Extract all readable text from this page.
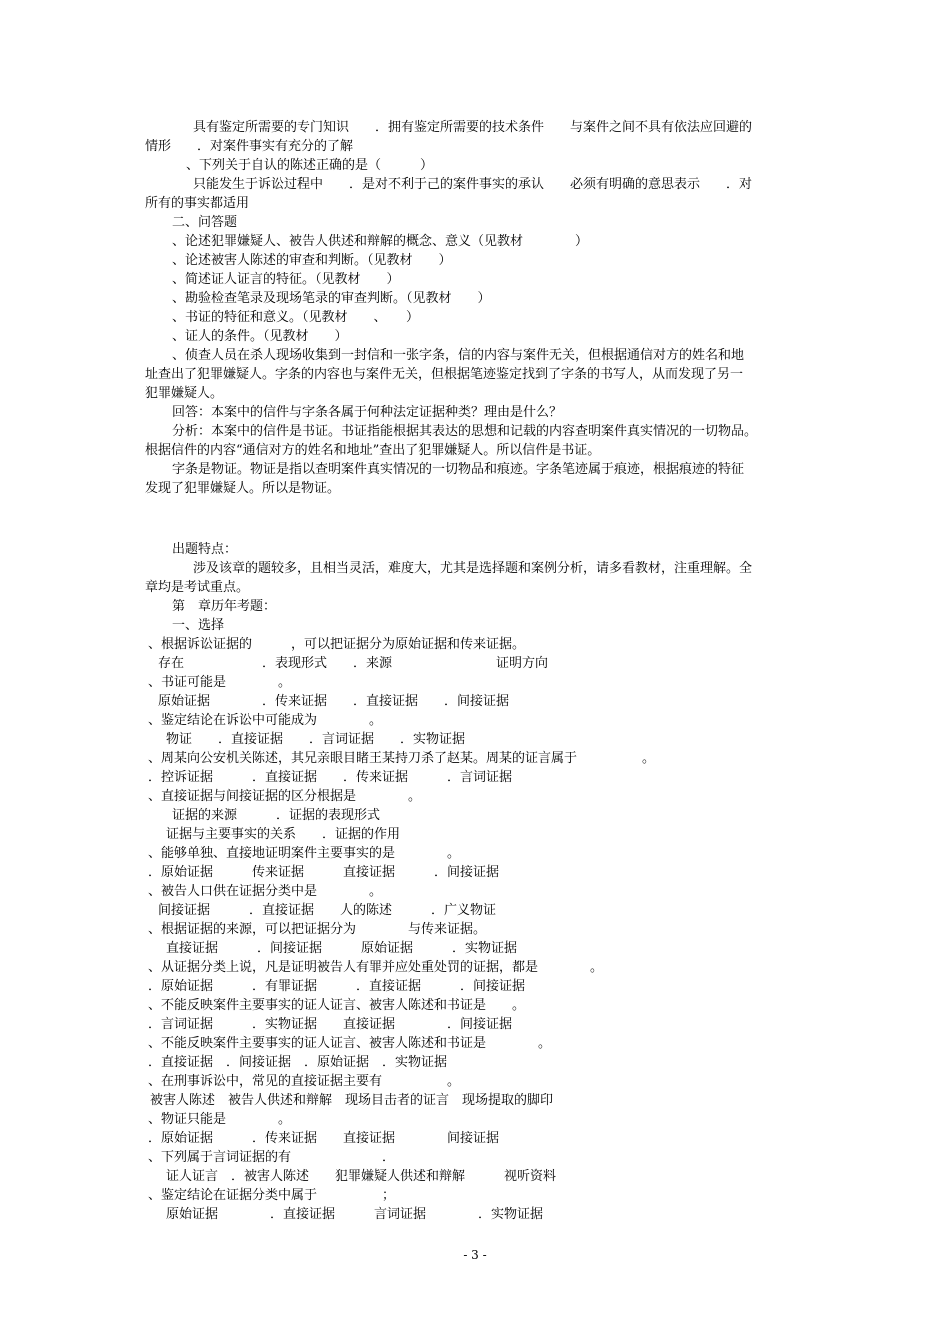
具有鉴定所需要的专门知识　　．拥有鉴定所需要的技术条件　　与案件之间不具有依法应回避的
情形　　．对案件事实有充分的了解
、下列关于自认的陈述正确的是（　　　）
只能发生于诉讼过程中　　．是对不利于己的案件事实的承认　　必须有明确的意思表示　　．对
所有的事实都适用
二、问答题
、论述犯罪嫌疑人、被告人供述和辩解的概念、意义（见教材　　　　）
、论述被害人陈述的审查和判断。（见教材　　）
、简述证人证言的特征。（见教材　　）
、勘验检查笔录及现场笔录的审查判断。（见教材　　）
、书证的特征和意义。（见教材　　、　　）
、证人的条件。（见教材　　）
、侦查人员在杀人现场收集到一封信和一张字条，信的内容与案件无关，但根据通信对方的姓名和地
址查出了犯罪嫌疑人。字条的内容也与案件无关，但根据笔迹鉴定找到了字条的书写人，从而发现了另一
犯罪嫌疑人。
回答：本案中的信件与字条各属于何种法定证据种类？理由是什么？
分析：本案中的信件是书证。书证指能根据其表达的思想和记载的内容查明案件真实情况的一切物品。
根据信件的内容“通信对方的姓名和地址”查出了犯罪嫌疑人。所以信件是书证。
字条是物证。物证是指以查明案件真实情况的一切物品和痕迹。字条笔迹属于痕迹，根据痕迹的特征
发现了犯罪嫌疑人。所以是物证。
出题特点：
涉及该章的题较多，且相当灵活，难度大，尤其是选择题和案例分析，请多看教材，注重理解。全
章均是考试重点。
第　章历年考题：
一、选择
、根据诉讼证据的　　　，可以把证据分为原始证据和传来证据。
存在　　　　　　．表现形式　　．来源　　　　　　　　证明方向
、书证可能是　　　　。
原始证据　　　　．传来证据　　．直接证据　　．间接证据
、鉴定结论在诉讼中可能成为　　　　。
物证　　．直接证据　　．言词证据　　．实物证据
、周某向公安机关陈述，其兄亲眼目睹王某持刀杀了赵某。周某的证言属于　　　　　。
．控诉证据　　　．直接证据　　．传来证据　　　．言词证据
、直接证据与间接证据的区分根据是　　　　。
证据的来源　　　．证据的表现形式
证据与主要事实的关系　　．证据的作用
、能够单独、直接地证明案件主要事实的是　　　　。
．原始证据　　　传来证据　　　直接证据　　　．间接证据
、被告人口供在证据分类中是　　　　。
间接证据　　　．直接证据　　人的陈述　　　．广义物证
、根据证据的来源，可以把证据分为　　　　与传来证据。
直接证据　　　．间接证据　　　原始证据　　　．实物证据
、从证据分类上说，凡是证明被告人有罪并应处重处罚的证据，都是　　　　。
．原始证据　　　．有罪证据　　　．直接证据　　　．间接证据
、不能反映案件主要事实的证人证言、被害人陈述和书证是　　。
．言词证据　　　．实物证据　　直接证据　　　　．间接证据
、不能反映案件主要事实的证人证言、被害人陈述和书证是　　　　。
．直接证据　．间接证据　．原始证据　．实物证据
、在刑事诉讼中，常见的直接证据主要有　　　　　。
被害人陈述　被告人供述和辩解　现场目击者的证言　现场提取的脚印
、物证只能是　　　　。
．原始证据　　　．传来证据　　直接证据　　　　间接证据
、下列属于言词证据的有　　　　　　　．
证人证言　．被害人陈述　　犯罪嫌疑人供述和辩解　　　视听资料
、鉴定结论在证据分类中属于　　　　　；
原始证据　　　　．直接证据　　　言词证据　　　　．实物证据
- 3 -
